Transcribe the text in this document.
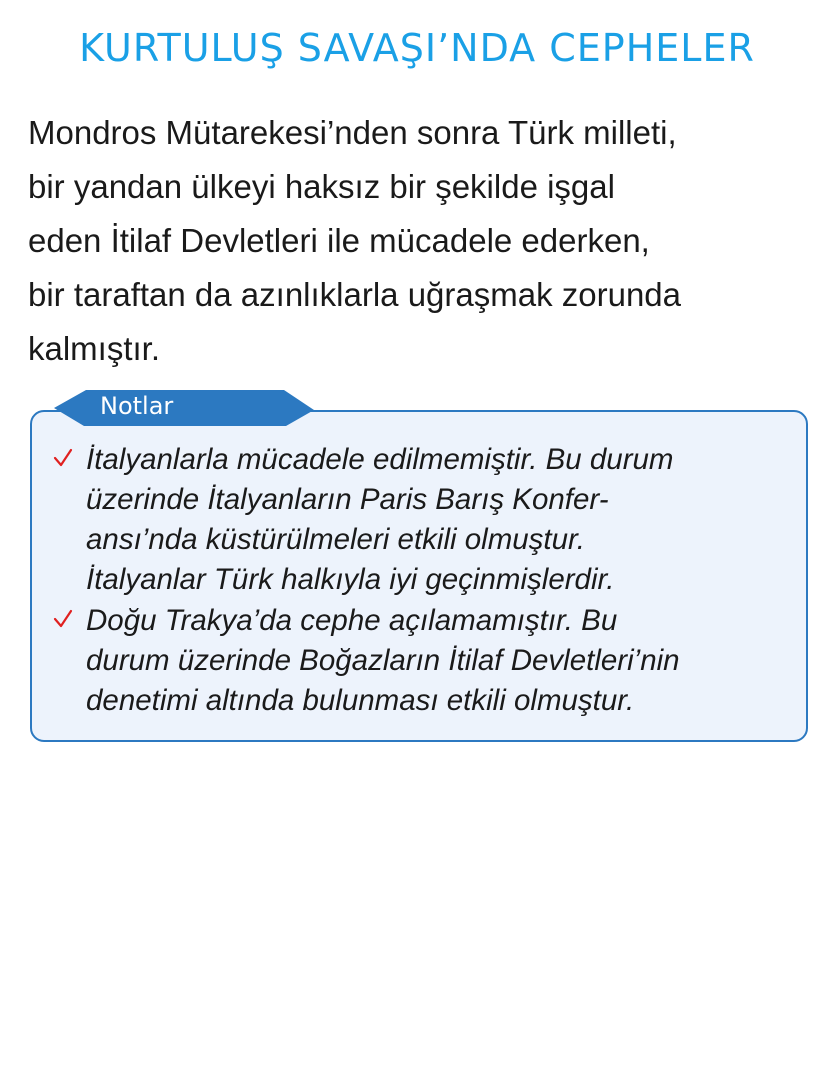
KURTULUŞ SAVAŞI’NDA CEPHELER

Mondros Mütarekesi’nden sonra Türk milleti,
bir yandan ülkeyi haksız bir şekilde işgal
eden İtilaf Devletleri ile mücadele ederken,
bir taraftan da azınlıklarla uğraşmak zorunda
kalmıştır.

Notlar
İtalyanlarla mücadele edilmemiştir. Bu durum
üzerinde İtalyanların Paris Barış Konfer-
ansı’nda küstürülmeleri etkili olmuştur.
İtalyanlar Türk halkıyla iyi geçinmişlerdir.
Doğu Trakya’da cephe açılamamıştır. Bu
durum üzerinde Boğazların İtilaf Devletleri’nin
denetimi altında bulunması etkili olmuştur.
